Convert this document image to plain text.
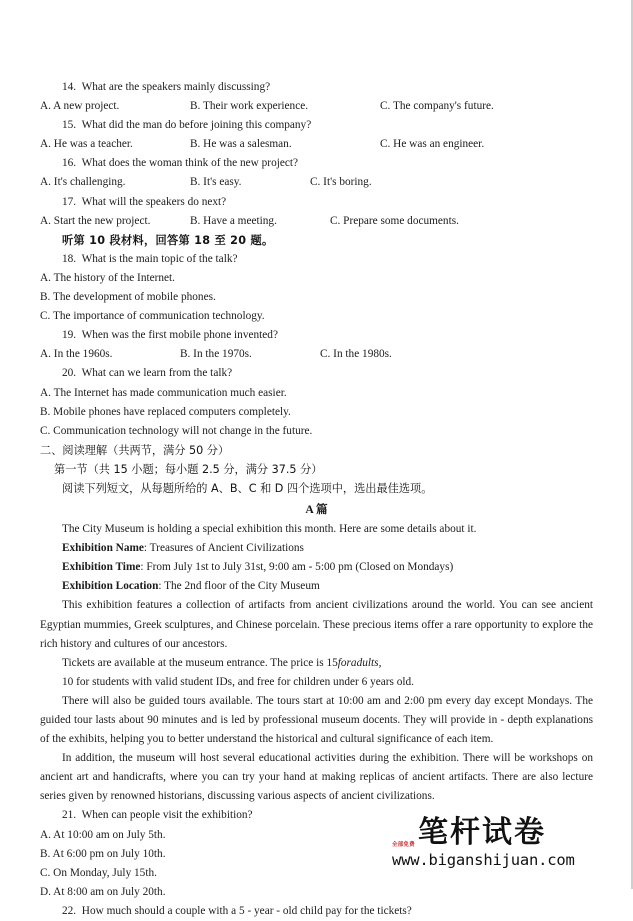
14. What are the speakers mainly discussing?
A. A new project.	B. Their work experience.	C. The company's future.
15. What did the man do before joining this company?
A. He was a teacher.	B. He was a salesman.	C. He was an engineer.
16. What does the woman think of the new project?
A. It's challenging.	B. It's easy.	C. It's boring.
17. What will the speakers do next?
A. Start the new project.	B. Have a meeting.	C. Prepare some documents.
听第 10 段材料，回答第 18 至 20 题。
18. What is the main topic of the talk?
A. The history of the Internet.
B. The development of mobile phones.
C. The importance of communication technology.
19. When was the first mobile phone invented?
A. In the 1960s.	B. In the 1970s.	C. In the 1980s.
20. What can we learn from the talk?
A. The Internet has made communication much easier.
B. Mobile phones have replaced computers completely.
C. Communication technology will not change in the future.
二、阅读理解（共两节，满分 50 分）
第一节（共 15 小题；每小题 2.5 分，满分 37.5 分）
阅读下列短文，从每题所给的 A、B、C 和 D 四个选项中，选出最佳选项。
A 篇
The City Museum is holding a special exhibition this month. Here are some details about it.
Exhibition Name: Treasures of Ancient Civilizations
Exhibition Time: From July 1st to July 31st, 9:00 am - 5:00 pm (Closed on Mondays)
Exhibition Location: The 2nd floor of the City Museum

This exhibition features a collection of artifacts from ancient civilizations around the world. You can see ancient Egyptian mummies, Greek sculptures, and Chinese porcelain. These precious items offer a rare opportunity to explore the rich history and cultures of our ancestors.

Tickets are available at the museum entrance. The price is 15foradults,
10 for students with valid student IDs, and free for children under 6 years old.

There will also be guided tours available. The tours start at 10:00 am and 2:00 pm every day except Mondays. The guided tour lasts about 90 minutes and is led by professional museum docents. They will provide in - depth explanations of the exhibits, helping you to better understand the historical and cultural significance of each item.

In addition, the museum will host several educational activities during the exhibition. There will be workshops on ancient art and handicrafts, where you can try your hand at making replicas of ancient artifacts. There are also lecture series given by renowned historians, discussing various aspects of ancient civilizations.

21. When can people visit the exhibition?
A. At 10:00 am on July 5th.
B. At 6:00 pm on July 10th.
C. On Monday, July 15th.
D. At 8:00 am on July 20th.
22. How much should a couple with a 5 - year - old child pay for the tickets?
笔杆试卷
全部免费
www.biganshijuan.com
